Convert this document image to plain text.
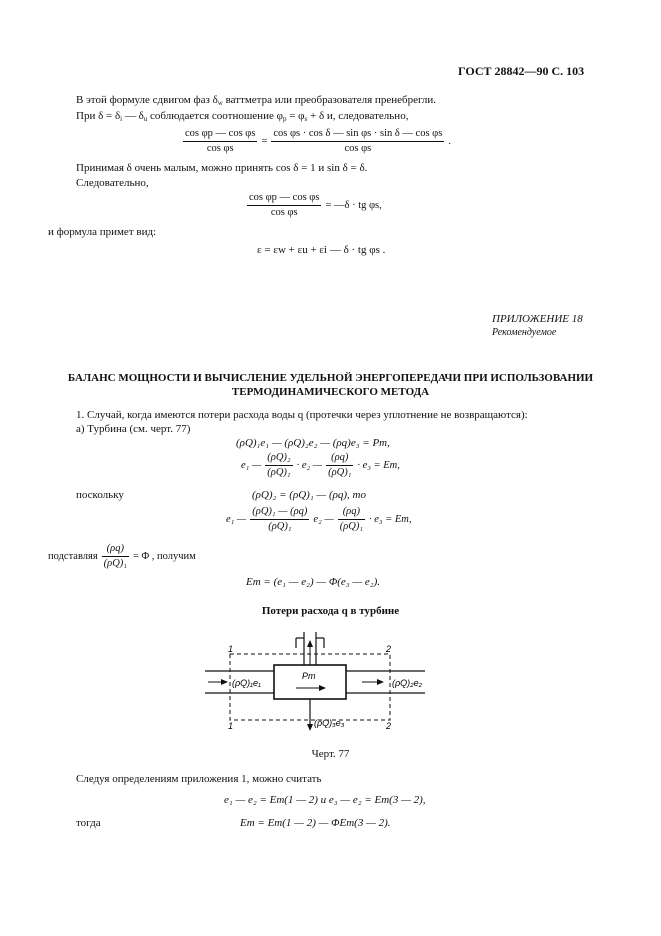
ГОСТ 28842—90 С. 103
В этой формуле сдвигом фаз $\delta_w$ ваттметра или преобразователя пренебрегли.
При $\delta = \delta_i$ — $\delta_u$ соблюдается соотношение $\varphi_p = \varphi_s + \delta$ и, следовательно,
$\frac{\text{cos φp — cos φs}}{\text{cos φs}} = \frac{\text{cos φs · cos δ — sin φs · sin δ — cos φs}}{\text{cos φs}}$ .
Принимая δ очень малым, можно принять cos δ = 1 и sin δ = δ.
Следовательно,
$\frac{\text{cos φp — cos φs}}{\text{cos φs}}$ = —δ · tg φs,
и формула примет вид:
ε = εw + εu + εi — δ · tg φs .
ПРИЛОЖЕНИЕ 18
Рекомендуемое
БАЛАНС МОЩНОСТИ И ВЫЧИСЛЕНИЕ УДЕЛЬНОЙ ЭНЕРГОПЕРЕДАЧИ ПРИ ИСПОЛЬЗОВАНИИ
ТЕРМОДИНАМИЧЕСКОГО МЕТОДА
1. Случай, когда имеются потери расхода воды q (протечки через уплотнение не возвращаются):
а) Турбина (см. черт. 77)
(ρQ)₁e₁ — (ρQ)₂e₂ — (ρq)e₃ = Pm,
e₁ — $\frac{\text{(ρQ)₂}}{\text{(ρQ)₁}} \cdot e_2$ — $\frac{(\rho q)}{\text{(ρQ)₁}} \cdot e_3 = Em$,
поскольку	(ρQ)₂ = (ρQ)₁ — (ρq), то
e₁ — $\frac{\text{(ρQ)₁ — (ρq)}}{\text{(ρQ)₁}} e_2$ — $\frac{(\rho q)}{\text{(ρQ)₁}} \cdot e_3 = Em$,
подставляя $\frac{(\rho q)}{\text{(ρQ)₁}} = \Phi$ , получим
Em = (e₁ — e₂) — Φ(e₃ — e₂).
Потери расхода q в турбине
(ρQ)₁e₁	(ρQ)₂e₂
(ρQ)₃e₃
Pm
1	2
1	2
Черт. 77
Следуя определениям приложения 1, можно считать
e₁ — e₂ = Em(1 — 2) и e₃ — e₂ = Em(3 — 2),
тогда	Em = Em(1 — 2) — ΦEm(3 — 2).
